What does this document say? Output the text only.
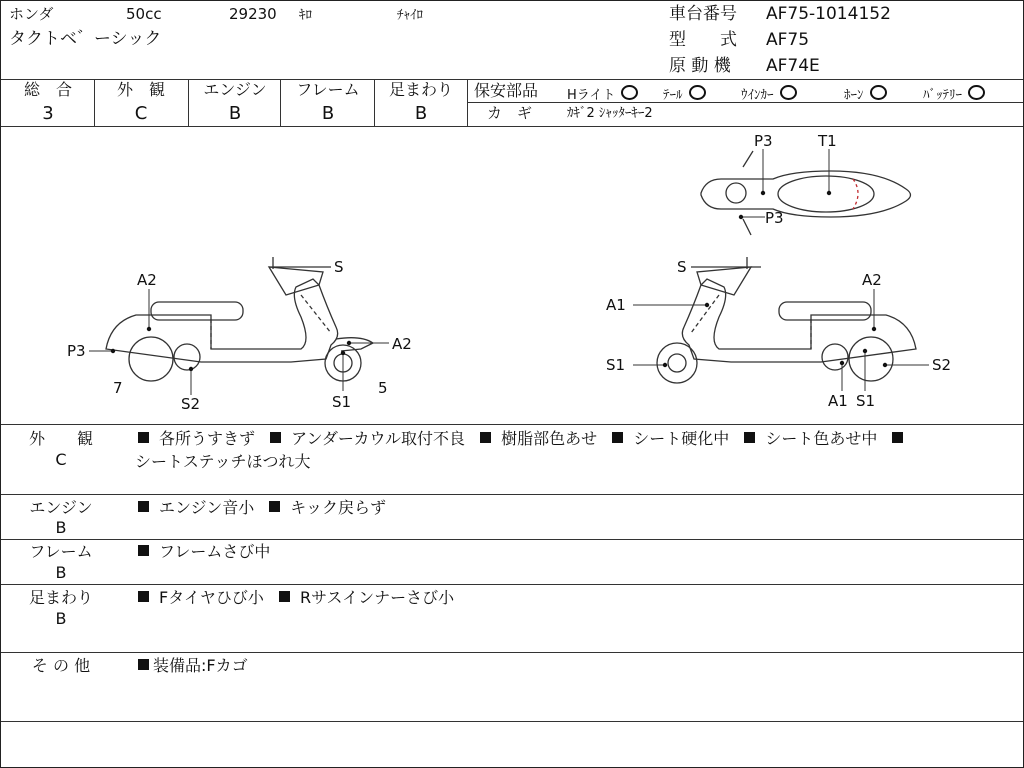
ホンダ	50cc	29230 ｷﾛ	ﾁｬｲﾛ
タクトベ゛ーシック
車台番号 AF75-1014152
型　　式 AF75
原 動 機 AF74E
総　合
3
外　観
C
エンジン
B
フレーム
B
足まわり
B
保安部品 Hライト	ﾃｰﾙ	ｳｲﾝｶｰ	ﾎｰﾝ	ﾊﾞｯﾃﾘｰ
カ　ギ	ｶｷﾞ2 ｼｬｯﾀｰｷｰ2
S
A2
P3
7
S2	S1
5
A2
S
A1
S1
A2
S2
A1 S1
P3	T1
P3
外　　観
C
各所うすきず アンダーカウル取付不良 樹脂部色あせ シート硬化中 シート色あせ中
シートステッチほつれ大
エンジン
B
エンジン音小 キック戻らず
フレーム
B
フレームさび中
足まわり
B
Fタイヤひび小 Rサスインナーさび小
そ の 他	装備品:Fカゴ
